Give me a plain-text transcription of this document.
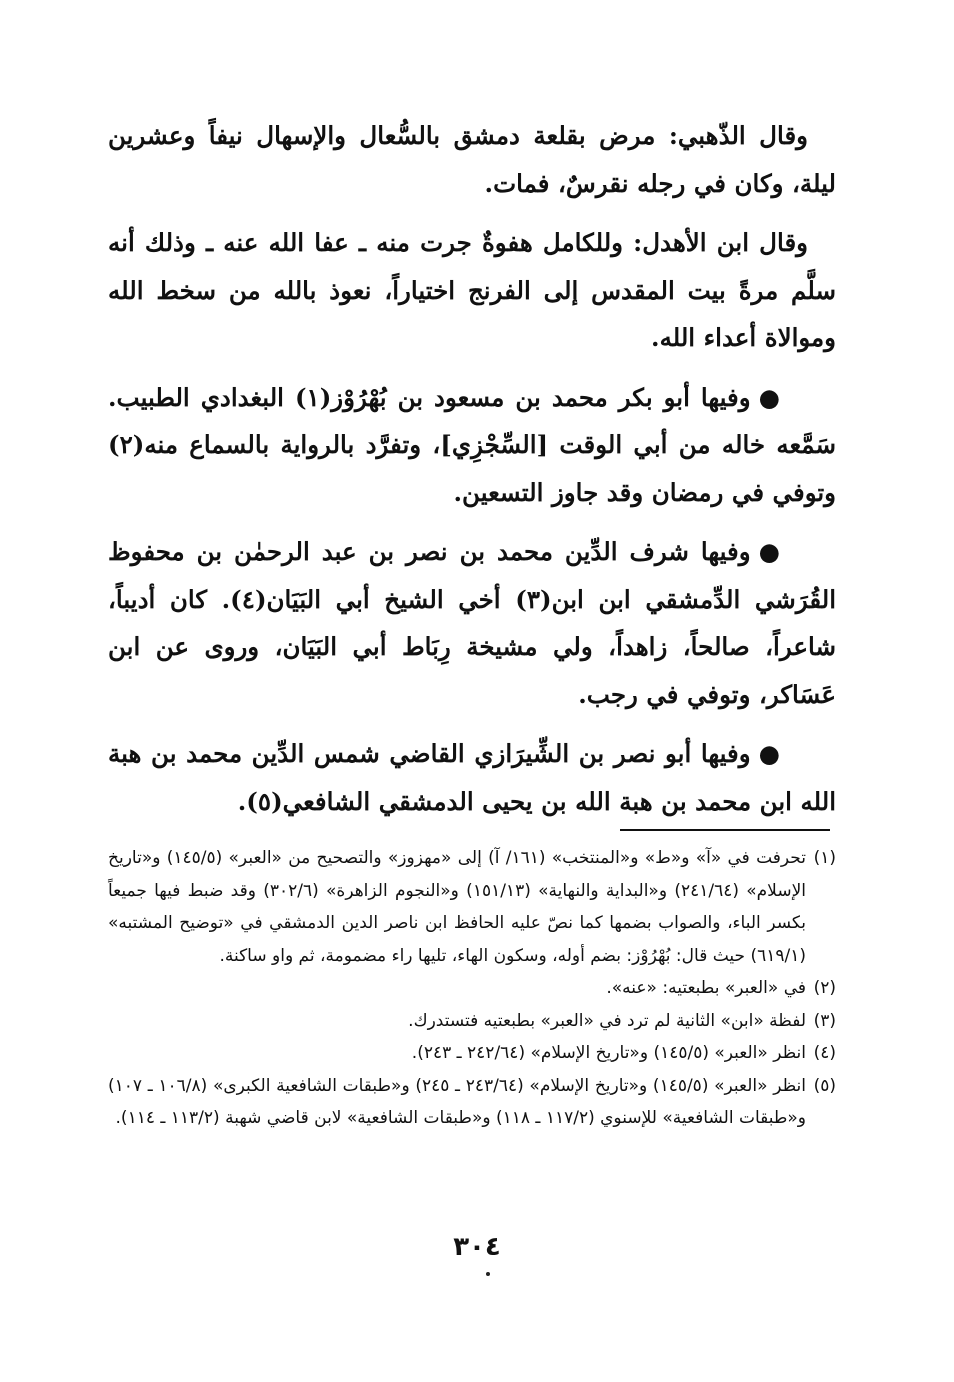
وقال الذّهبي: مرض بقلعة دمشق بالسُّعال والإسهال نيفاً وعشرين ليلة، وكان في رجله نقرسٌ، فمات.

وقال ابن الأهدل: وللكامل هفوةٌ جرت منه ـ عفا الله عنه ـ وذلك أنه سلَّم مرةً بيت المقدس إلى الفرنج اختياراً، نعوذ بالله من سخط الله وموالاة أعداء الله.

●وفيها أبو بكر محمد بن مسعود بن بُهْرُوْز(١) البغدادي الطبيب. سَمَّعه خاله من أبي الوقت [السِّجْزِي]، وتفرَّد بالرواية بالسماع منه(٢) وتوفي في رمضان وقد جاوز التسعين.

●وفيها شرف الدِّين محمد بن نصر بن عبد الرحمٰن بن محفوظ القُرَشي الدِّمشقي ابن ابن(٣) أخي الشيخ أبي البَيَان(٤). كان أديباً، شاعراً، صالحاً، زاهداً، ولي مشيخة رِبَاط أبي البَيَان، وروى عن ابن عَسَاكر، وتوفي في رجب.

●وفيها أبو نصر بن الشِّيرَازي القاضي شمس الدِّين محمد بن هبة الله ابن محمد بن هبة الله بن يحيى الدمشقي الشافعي(٥).

(١)تحرفت في «آ» و«ط» و«المنتخب» (١٦١/ آ) إلى «مهزوز» والتصحيح من «العبر» (١٤٥/٥) و«تاريخ الإسلام» (٢٤١/٦٤) و«البداية والنهاية» (١٥١/١٣) و«النجوم الزاهرة» (٣٠٢/٦) وقد ضبط فيها جميعاً بكسر الباء، والصواب بضمها كما نصّ عليه الحافظ ابن ناصر الدين الدمشقي في «توضيح المشتبه» (٦١٩/١) حيث قال: بُهْرُوْز: بضم أوله، وسكون الهاء، تليها راء مضمومة، ثم واو ساكنة.

(٢)في «العبر» بطبعتيه: «عنه».

(٣)لفظة «ابن» الثانية لم ترد في «العبر» بطبعتيه فتستدرك.

(٤)انظر «العبر» (١٤٥/٥) و«تاريخ الإسلام» (٢٤٢/٦٤ ـ ٢٤٣).

(٥)انظر «العبر» (١٤٥/٥) و«تاريخ الإسلام» (٢٤٣/٦٤ ـ ٢٤٥) و«طبقات الشافعية الكبرى» (١٠٦/٨ ـ ١٠٧) و«طبقات الشافعية» للإسنوي (١١٧/٢ ـ ١١٨) و«طبقات الشافعية» لابن قاضي شهبة (١١٣/٢ ـ ١١٤).

٣٠٤
